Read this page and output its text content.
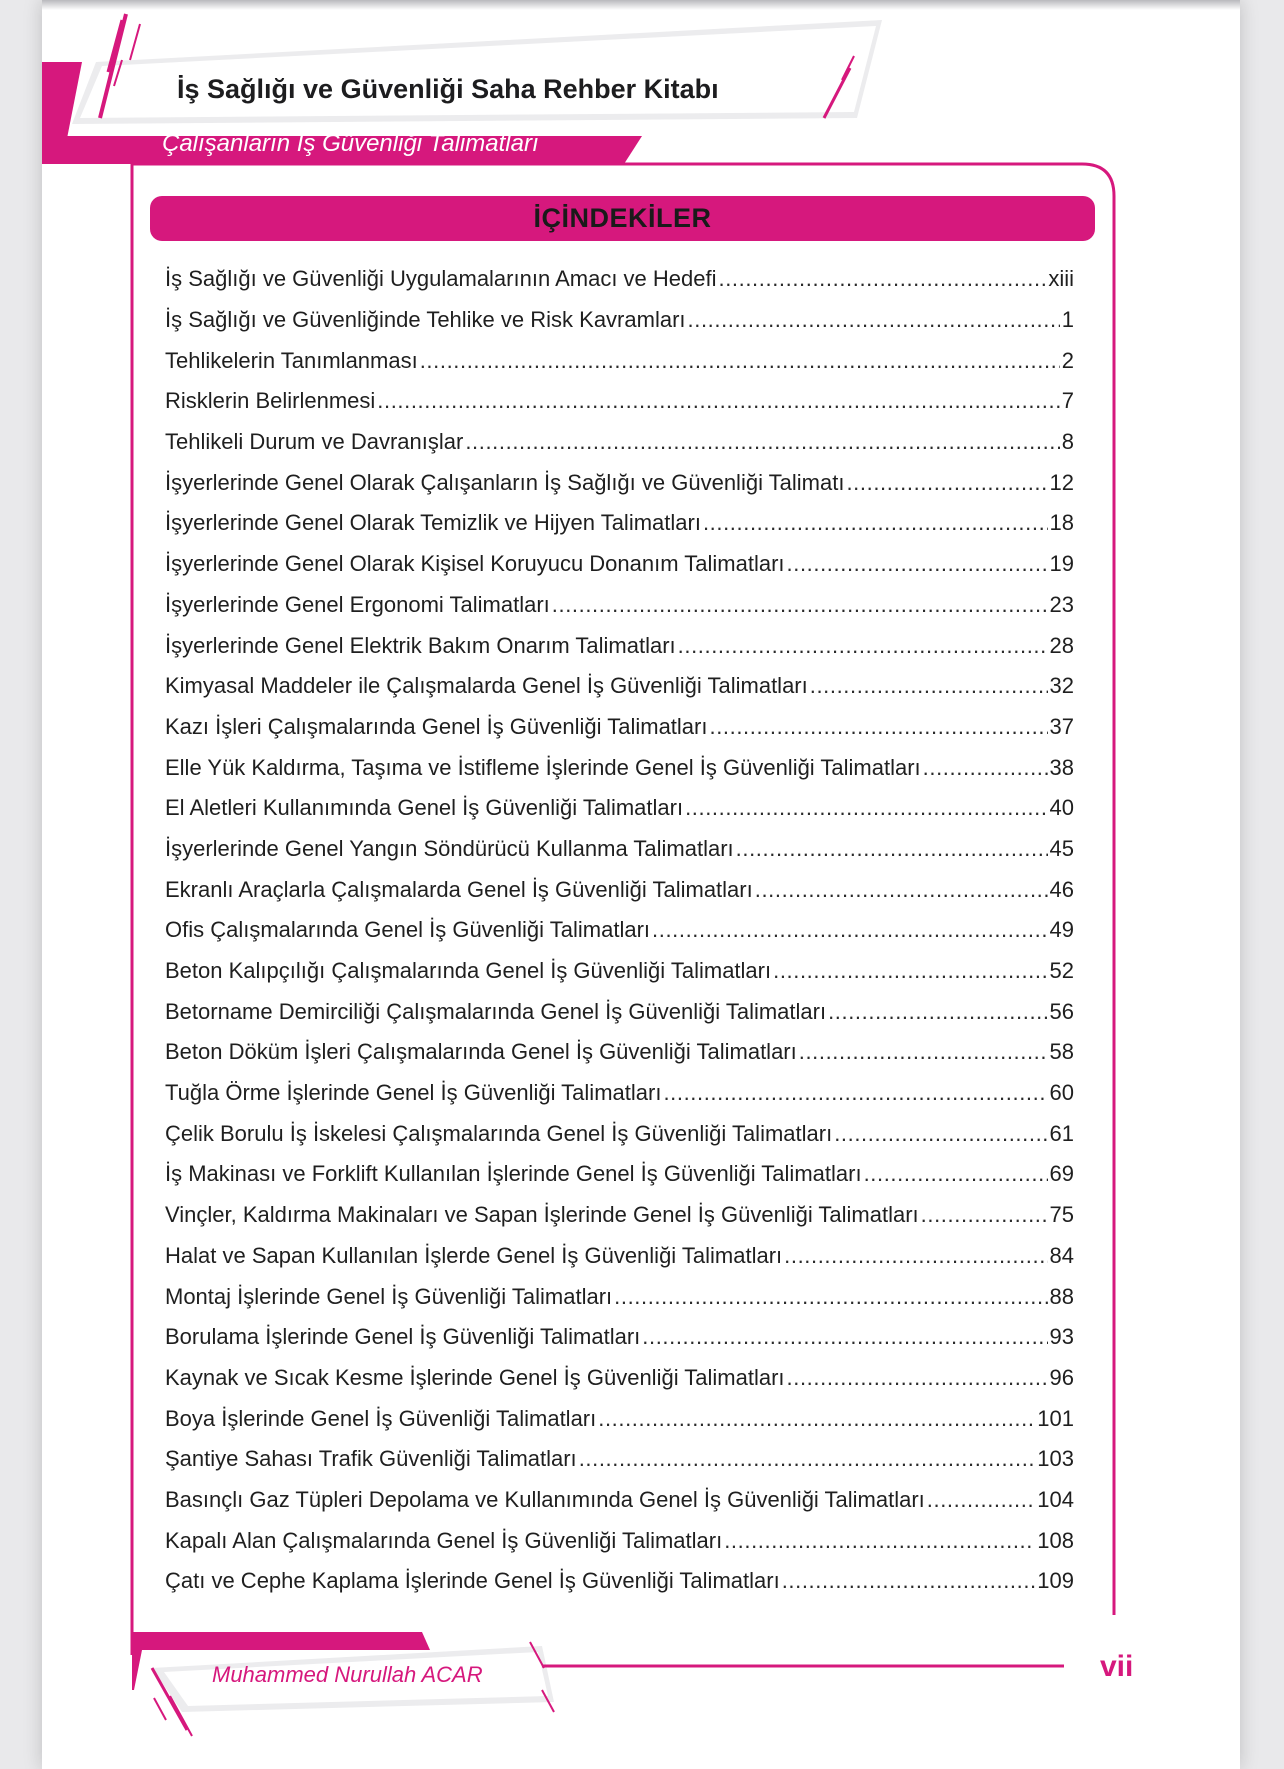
İş Sağlığı ve Güvenliği Saha Rehber Kitabı
Çalışanların İş Güvenliği Talimatları
İÇİNDEKİLER
İş Sağlığı ve Güvenliği Uygulamalarının Amacı ve Hedefi .....	xiii
İş Sağlığı ve Güvenliğinde Tehlike ve Risk Kavramları .....	1
Tehlikelerin Tanımlanması .....	2
Risklerin Belirlenmesi .....	7
Tehlikeli Durum ve Davranışlar .....	8
İşyerlerinde Genel Olarak Çalışanların İş Sağlığı ve Güvenliği Talimatı .....	12
İşyerlerinde Genel Olarak Temizlik ve Hijyen Talimatları .....	18
İşyerlerinde Genel Olarak Kişisel Koruyucu Donanım Talimatları .....	19
İşyerlerinde Genel Ergonomi Talimatları .....	23
İşyerlerinde Genel Elektrik Bakım Onarım Talimatları .....	28
Kimyasal Maddeler ile Çalışmalarda Genel İş Güvenliği Talimatları .....	32
Kazı İşleri Çalışmalarında Genel İş Güvenliği Talimatları .....	37
Elle Yük Kaldırma, Taşıma ve İstifleme İşlerinde Genel İş Güvenliği Talimatları .....	38
El Aletleri Kullanımında Genel İş Güvenliği Talimatları .....	40
İşyerlerinde Genel Yangın Söndürücü Kullanma Talimatları .....	45
Ekranlı Araçlarla Çalışmalarda Genel İş Güvenliği Talimatları .....	46
Ofis Çalışmalarında Genel İş Güvenliği Talimatları .....	49
Beton Kalıpçılığı Çalışmalarında Genel İş Güvenliği Talimatları .....	52
Betorname Demirciliği Çalışmalarında Genel İş Güvenliği Talimatları .....	56
Beton Döküm İşleri Çalışmalarında Genel İş Güvenliği Talimatları .....	58
Tuğla Örme İşlerinde Genel İş Güvenliği Talimatları .....	60
Çelik Borulu İş İskelesi Çalışmalarında Genel İş Güvenliği Talimatları .....	61
İş Makinası ve Forklift Kullanılan İşlerinde Genel İş Güvenliği Talimatları .....	69
Vinçler, Kaldırma Makinaları ve Sapan İşlerinde Genel İş Güvenliği Talimatları .....	75
Halat ve Sapan Kullanılan İşlerde Genel İş Güvenliği Talimatları .....	84
Montaj İşlerinde Genel İş Güvenliği Talimatları .....	88
Borulama İşlerinde Genel İş Güvenliği Talimatları .....	93
Kaynak ve Sıcak Kesme İşlerinde Genel İş Güvenliği Talimatları .....	96
Boya İşlerinde Genel İş Güvenliği Talimatları .....	101
Şantiye Sahası Trafik Güvenliği Talimatları .....	103
Basınçlı Gaz Tüpleri Depolama ve Kullanımında Genel İş Güvenliği Talimatları .....	104
Kapalı Alan Çalışmalarında Genel İş Güvenliği Talimatları .....	108
Çatı ve Cephe Kaplama İşlerinde Genel İş Güvenliği Talimatları .....	109
Muhammed Nurullah ACAR	vii
